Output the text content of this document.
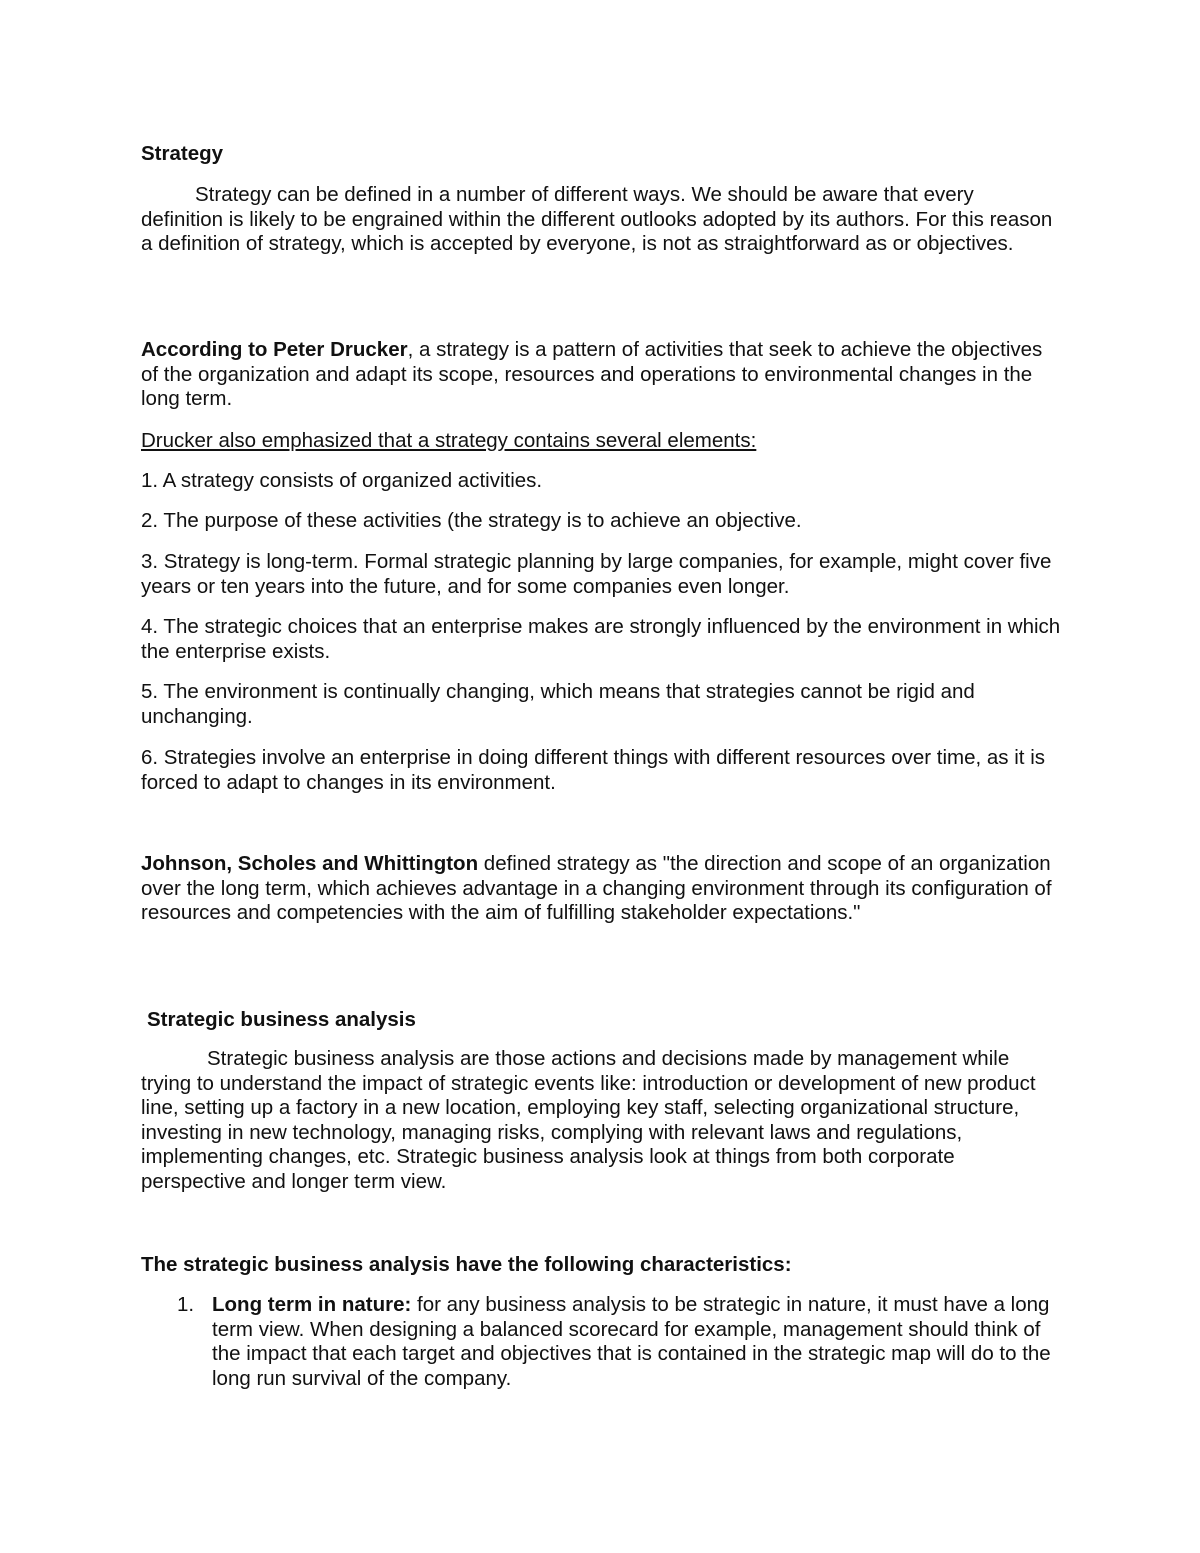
Strategy

Strategy can be defined in a number of different ways. We should be aware that every definition is likely to be engrained within the different outlooks adopted by its authors. For this reason a definition of strategy, which is accepted by everyone, is not as straightforward as or objectives.

According to Peter Drucker, a strategy is a pattern of activities that seek to achieve the objectives of the organization and adapt its scope, resources and operations to environmental changes in the long term.

Drucker also emphasized that a strategy contains several elements:

1. A strategy consists of organized activities.

2. The purpose of these activities (the strategy is to achieve an objective.

3. Strategy is long-term. Formal strategic planning by large companies, for example, might cover five years or ten years into the future, and for some companies even longer.

4. The strategic choices that an enterprise makes are strongly influenced by the environment in which the enterprise exists.

5. The environment is continually changing, which means that strategies cannot be rigid and unchanging.

6. Strategies involve an enterprise in doing different things with different resources over time, as it is forced to adapt to changes in its environment.

Johnson, Scholes and Whittington defined strategy as "the direction and scope of an organization over the long term, which achieves advantage in a changing environment through its configuration of resources and competencies with the aim of fulfilling stakeholder expectations."

Strategic business analysis

Strategic business analysis are those actions and decisions made by management while trying to understand the impact of strategic events like: introduction or development of new product line, setting up a factory in a new location, employing key staff, selecting organizational structure, investing in new technology, managing risks, complying with relevant laws and regulations, implementing changes, etc. Strategic business analysis look at things from both corporate perspective and longer term view.

The strategic business analysis have the following characteristics:

1. Long term in nature: for any business analysis to be strategic in nature, it must have a long term view. When designing a balanced scorecard for example, management should think of the impact that each target and objectives that is contained in the strategic map will do to the long run survival of the company.
